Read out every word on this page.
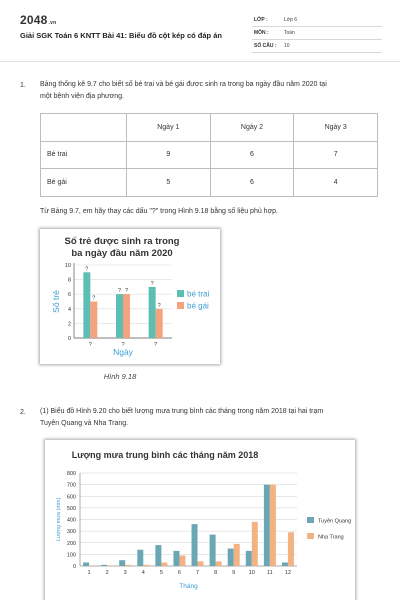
2048.vn
Giải SGK Toán 6 KNTT Bài 41: Biểu đồ cột kép có đáp án
LỚP :	Lớp 6
MÔN :	Toán
SỐ CÂU : 10
1. Bảng thống kê 9.7 cho biết số bé trai và bé gái được sinh ra trong ba ngày đầu năm 2020 tại
một bệnh viện địa phương.
	Ngày 1	Ngày 2	Ngày 3
Bé trai	9	6	7
Bé gái	5	6	4
Từ Bảng 9.7, em hãy thay các dấu "?" trong Hình 9.18 bằng số liệu phù hợp.
Số trẻ được sinh ra trong
ba ngày đầu năm 2020
0
2
4
6
8
10
?
?
?
?
?
?
?	?	?
Ngày
Số trẻ	bé trai
bé gái
Hình 9.18
2. (1) Biểu đồ Hình 9.20 cho biết lượng mưa trung bình các tháng trong năm 2018 tại hai trạm
Tuyên Quang và Nha Trang.
Lượng mưa trung bình các tháng năm 2018
0
100
200
300
400
500
600
700
800
1	2	3	4	5	6	7	8	9 10 11 12
Tháng
Lượng mưa (mm)	Tuyên Quang
Nha Trang
